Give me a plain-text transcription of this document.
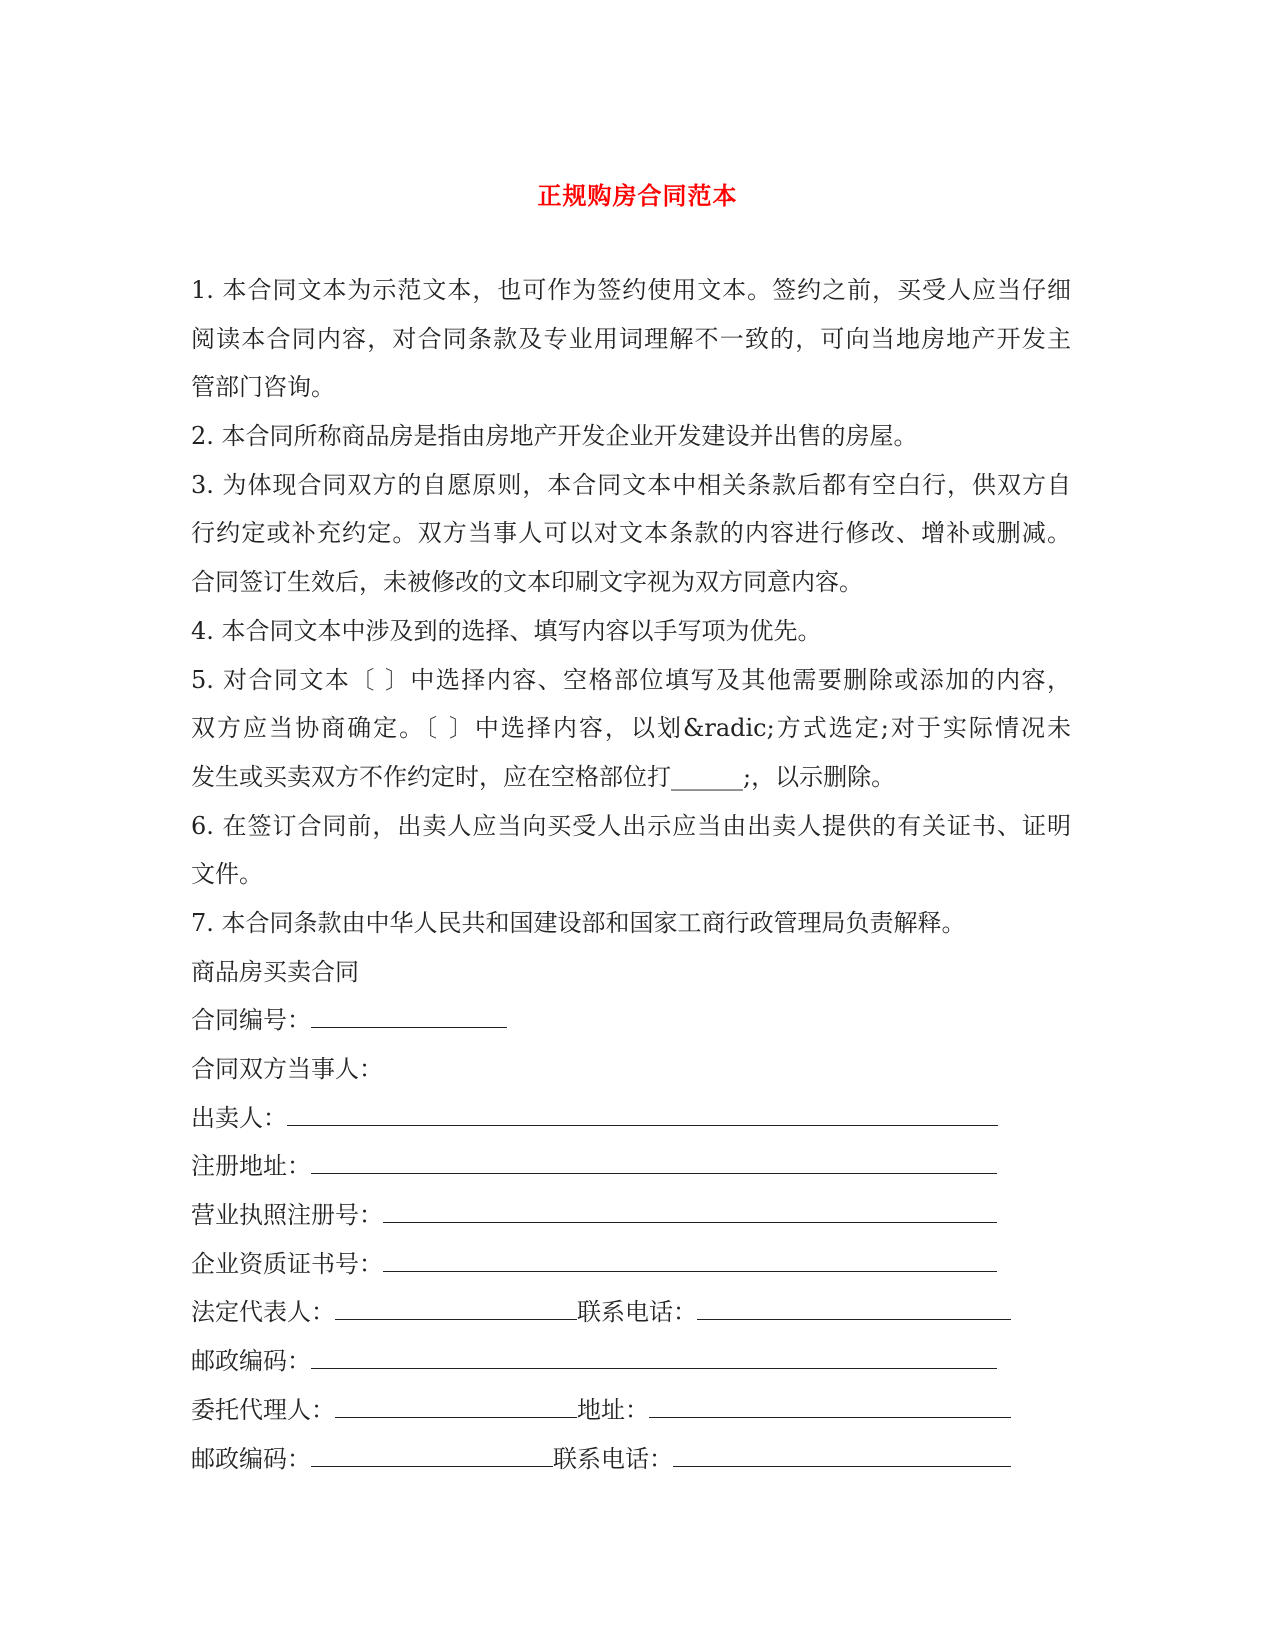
正规购房合同范本
1. 本合同文本为示范文本，也可作为签约使用文本。签约之前，买受人应当仔细
阅读本合同内容，对合同条款及专业用词理解不一致的，可向当地房地产开发主
管部门咨询。
2. 本合同所称商品房是指由房地产开发企业开发建设并出售的房屋。
3. 为体现合同双方的自愿原则，本合同文本中相关条款后都有空白行，供双方自
行约定或补充约定。双方当事人可以对文本条款的内容进行修改、增补或删减。
合同签订生效后，未被修改的文本印刷文字视为双方同意内容。
4. 本合同文本中涉及到的选择、填写内容以手写项为优先。
5. 对合同文本〔 〕中选择内容、空格部位填写及其他需要删除或添加的内容，
双方应当协商确定。〔 〕中选择内容，以划&radic;方式选定;对于实际情况未
发生或买卖双方不作约定时，应在空格部位打______;，以示删除。
6. 在签订合同前，出卖人应当向买受人出示应当由出卖人提供的有关证书、证明
文件。
7. 本合同条款由中华人民共和国建设部和国家工商行政管理局负责解释。
商品房买卖合同
合同编号：
合同双方当事人：
出卖人：
注册地址：
营业执照注册号：
企业资质证书号：
法定代表人：	联系电话：
邮政编码：
委托代理人：	地址：
邮政编码：	联系电话：
